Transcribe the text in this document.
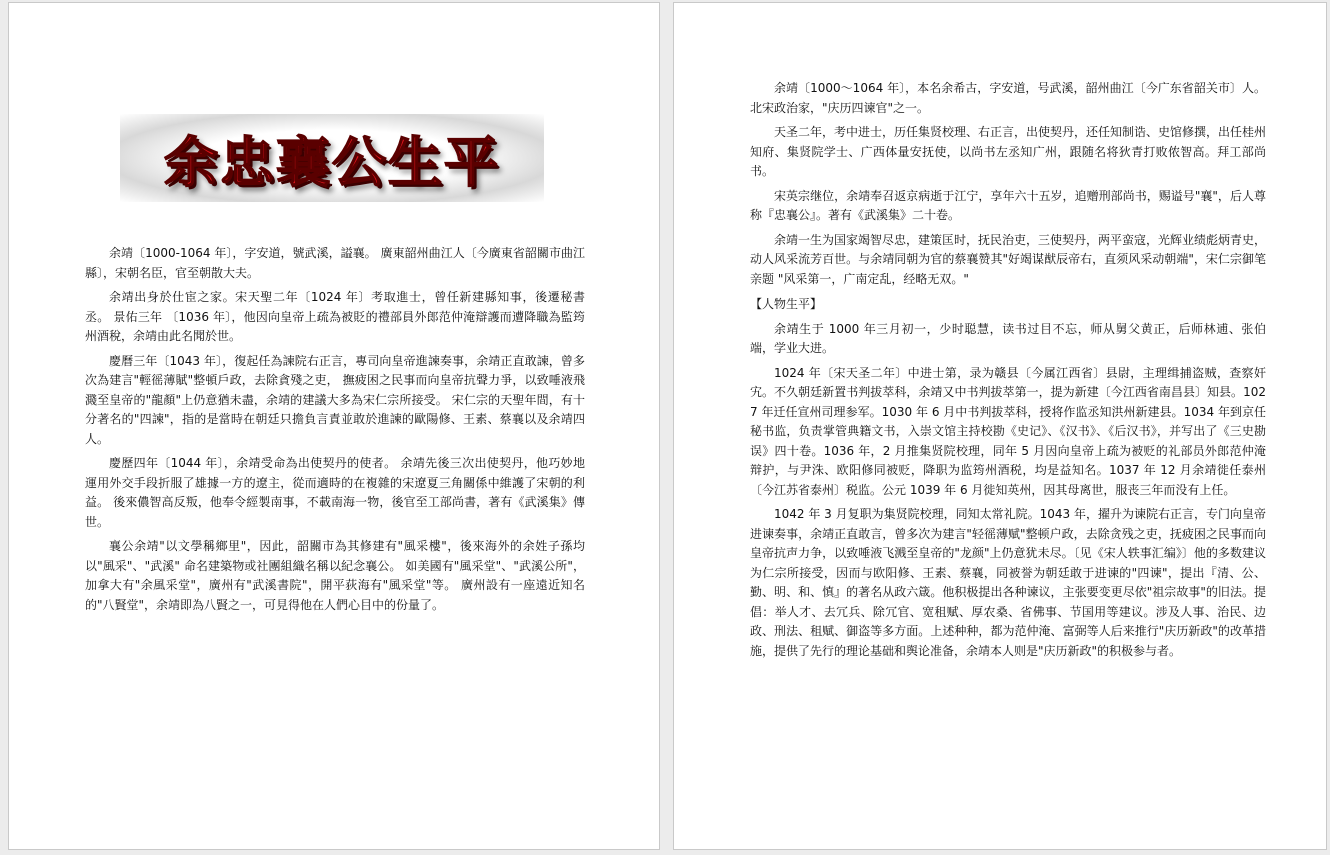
余忠襄公生平

余靖〔1000-1064 年〕，字安道，號武溪，謚襄。 廣東韶州曲江人〔今廣東省韶關市曲江縣〕，宋朝名臣，官至朝散大夫。

余靖出身於仕宦之家。宋天聖二年〔1024 年〕考取進士，曾任新建縣知事，後遷秘書丞。 景佑三年 〔1036 年〕，他因向皇帝上疏為被貶的禮部員外郎范仲淹辯護而遭降職為監筠州酒稅，余靖由此名聞於世。

慶曆三年〔1043 年〕，復起任為諫院右正言，專司向皇帝進諫奏事，余靖正直敢諫，曾多次為建言"輕徭薄賦"整頓戶政，去除貪殘之吏， 撫疲困之民事而向皇帝抗聲力爭，以致唾液飛濺至皇帝的"龍顏"上仍意猶未盡，余靖的建議大多為宋仁宗所接受。 宋仁宗的天聖年間，有十分著名的"四諫"，指的是當時在朝廷只擔負言責並敢於進諫的歐陽修、王素、蔡襄以及余靖四人。

慶歷四年〔1044 年〕，余靖受命為出使契丹的使者。 余靖先後三次出使契丹，他巧妙地運用外交手段折服了雄據一方的遼主，從而適時的在複雜的宋遼夏三角關係中維護了宋朝的利益。 後來儂智高反叛，他奉令經製南事，不載南海一物，後官至工部尚書，著有《武溪集》傳世。

襄公余靖"以文學稱鄉里"，因此，韶關市為其修建有"風采樓"，後來海外的余姓子孫均以"風采"、"武溪" 命名建築物或社團組織名稱以紀念襄公。 如美國有"風采堂"、"武溪公所"，加拿大有"余風采堂"，廣州有"武溪書院"，開平荻海有"風采堂"等。 廣州設有一座遠近知名的"八賢堂"，余靖即為八賢之一，可見得他在人們心目中的份量了。

余靖〔1000～1064 年〕，本名余希古，字安道，号武溪，韶州曲江〔今广东省韶关市〕人。北宋政治家，"庆历四谏官"之一。

天圣二年，考中进士，历任集贤校理、右正言，出使契丹，还任知制诰、史馆修撰，出任桂州知府、集贤院学士、广西体量安抚使，以尚书左丞知广州，跟随名将狄青打败侬智高。拜工部尚书。

宋英宗继位，余靖奉召返京病逝于江宁，享年六十五岁，追赠刑部尚书，赐谥号"襄"，后人尊称『忠襄公』。著有《武溪集》二十卷。

余靖一生为国家竭智尽忠，建策匡时，抚民治吏，三使契丹，两平蛮寇，光辉业绩彪炳青史，动人风采流芳百世。与余靖同朝为官的蔡襄赞其"好竭谋猷辰帝右，直须风采动朝端"，宋仁宗御笔亲题 "风采第一，广南定乱，经略无双。"

【人物生平】

余靖生于 1000 年三月初一，少时聪慧，读书过目不忘，师从舅父黄正，后师林逋、张伯端，学业大进。

1024 年〔宋天圣二年〕中进士第，录为赣县〔今属江西省〕县尉，主理缉捕盗贼，查察奸宄。不久朝廷新置书判拔萃科，余靖又中书判拔萃第一，提为新建〔今江西省南昌县〕知县。1027 年迁任宣州司理参军。1030 年 6 月中书判拔萃科，授将作监丞知洪州新建县。1034 年到京任秘书监，负责掌管典籍文书，入崇文馆主持校勘《史记》、《汉书》、《后汉书》，并写出了《三史勘误》四十卷。1036 年，2 月推集贤院校理，同年 5 月因向皇帝上疏为被贬的礼部员外郎范仲淹辩护，与尹洙、欧阳修同被贬，降职为监筠州酒税，均是益知名。1037 年 12 月余靖徙任泰州〔今江苏省泰州〕税监。公元 1039 年 6 月徙知英州，因其母离世，服丧三年而没有上任。

1042 年 3 月复职为集贤院校理，同知太常礼院。1043 年，擢升为谏院右正言，专门向皇帝进谏奏事，余靖正直敢言，曾多次为建言"轻徭薄赋"整顿户政，去除贪残之吏，抚疲困之民事而向皇帝抗声力争，以致唾液飞溅至皇帝的"龙颜"上仍意犹未尽。〔见《宋人轶事汇编》〕他的多数建议为仁宗所接受，因而与欧阳修、王素、蔡襄，同被誉为朝廷敢于进谏的"四谏"，提出『清、公、勤、明、和、慎』的著名从政六箴。他积极提出各种谏议，主张要变更尽依"祖宗故事"的旧法。提倡：举人才、去冗兵、除冗官、宽租赋、厚农桑、省佛事、节国用等建议。涉及人事、治民、边政、刑法、租赋、御盗等多方面。上述种种，都为范仲淹、富弼等人后来推行"庆历新政"的改革措施，提供了先行的理论基础和舆论准备，余靖本人则是"庆历新政"的积极参与者。
